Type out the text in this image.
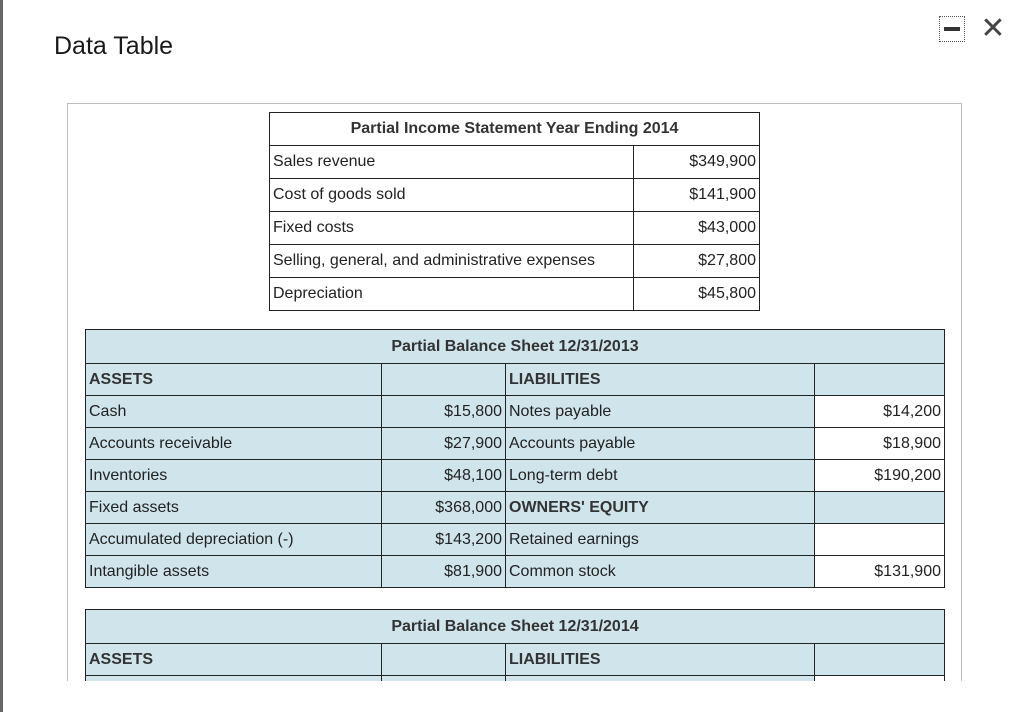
Data Table	✕
Partial Income Statement Year Ending 2014	
Sales revenue	$349,900
Cost of goods sold	$141,900
Fixed costs	$43,000
Selling, general, and administrative expenses	$27,800
Depreciation	$45,800
Partial Balance Sheet 12/31/2013			
ASSETS		LIABILITIES	
Cash	$15,800	Notes payable	$14,200
Accounts receivable	$27,900	Accounts payable	$18,900
Inventories	$48,100	Long-term debt	$190,200
Fixed assets	$368,000	OWNERS' EQUITY	
Accumulated depreciation (-)	$143,200	Retained earnings	
Intangible assets	$81,900	Common stock	$131,900
Partial Balance Sheet 12/31/2014			
ASSETS		LIABILITIES	
